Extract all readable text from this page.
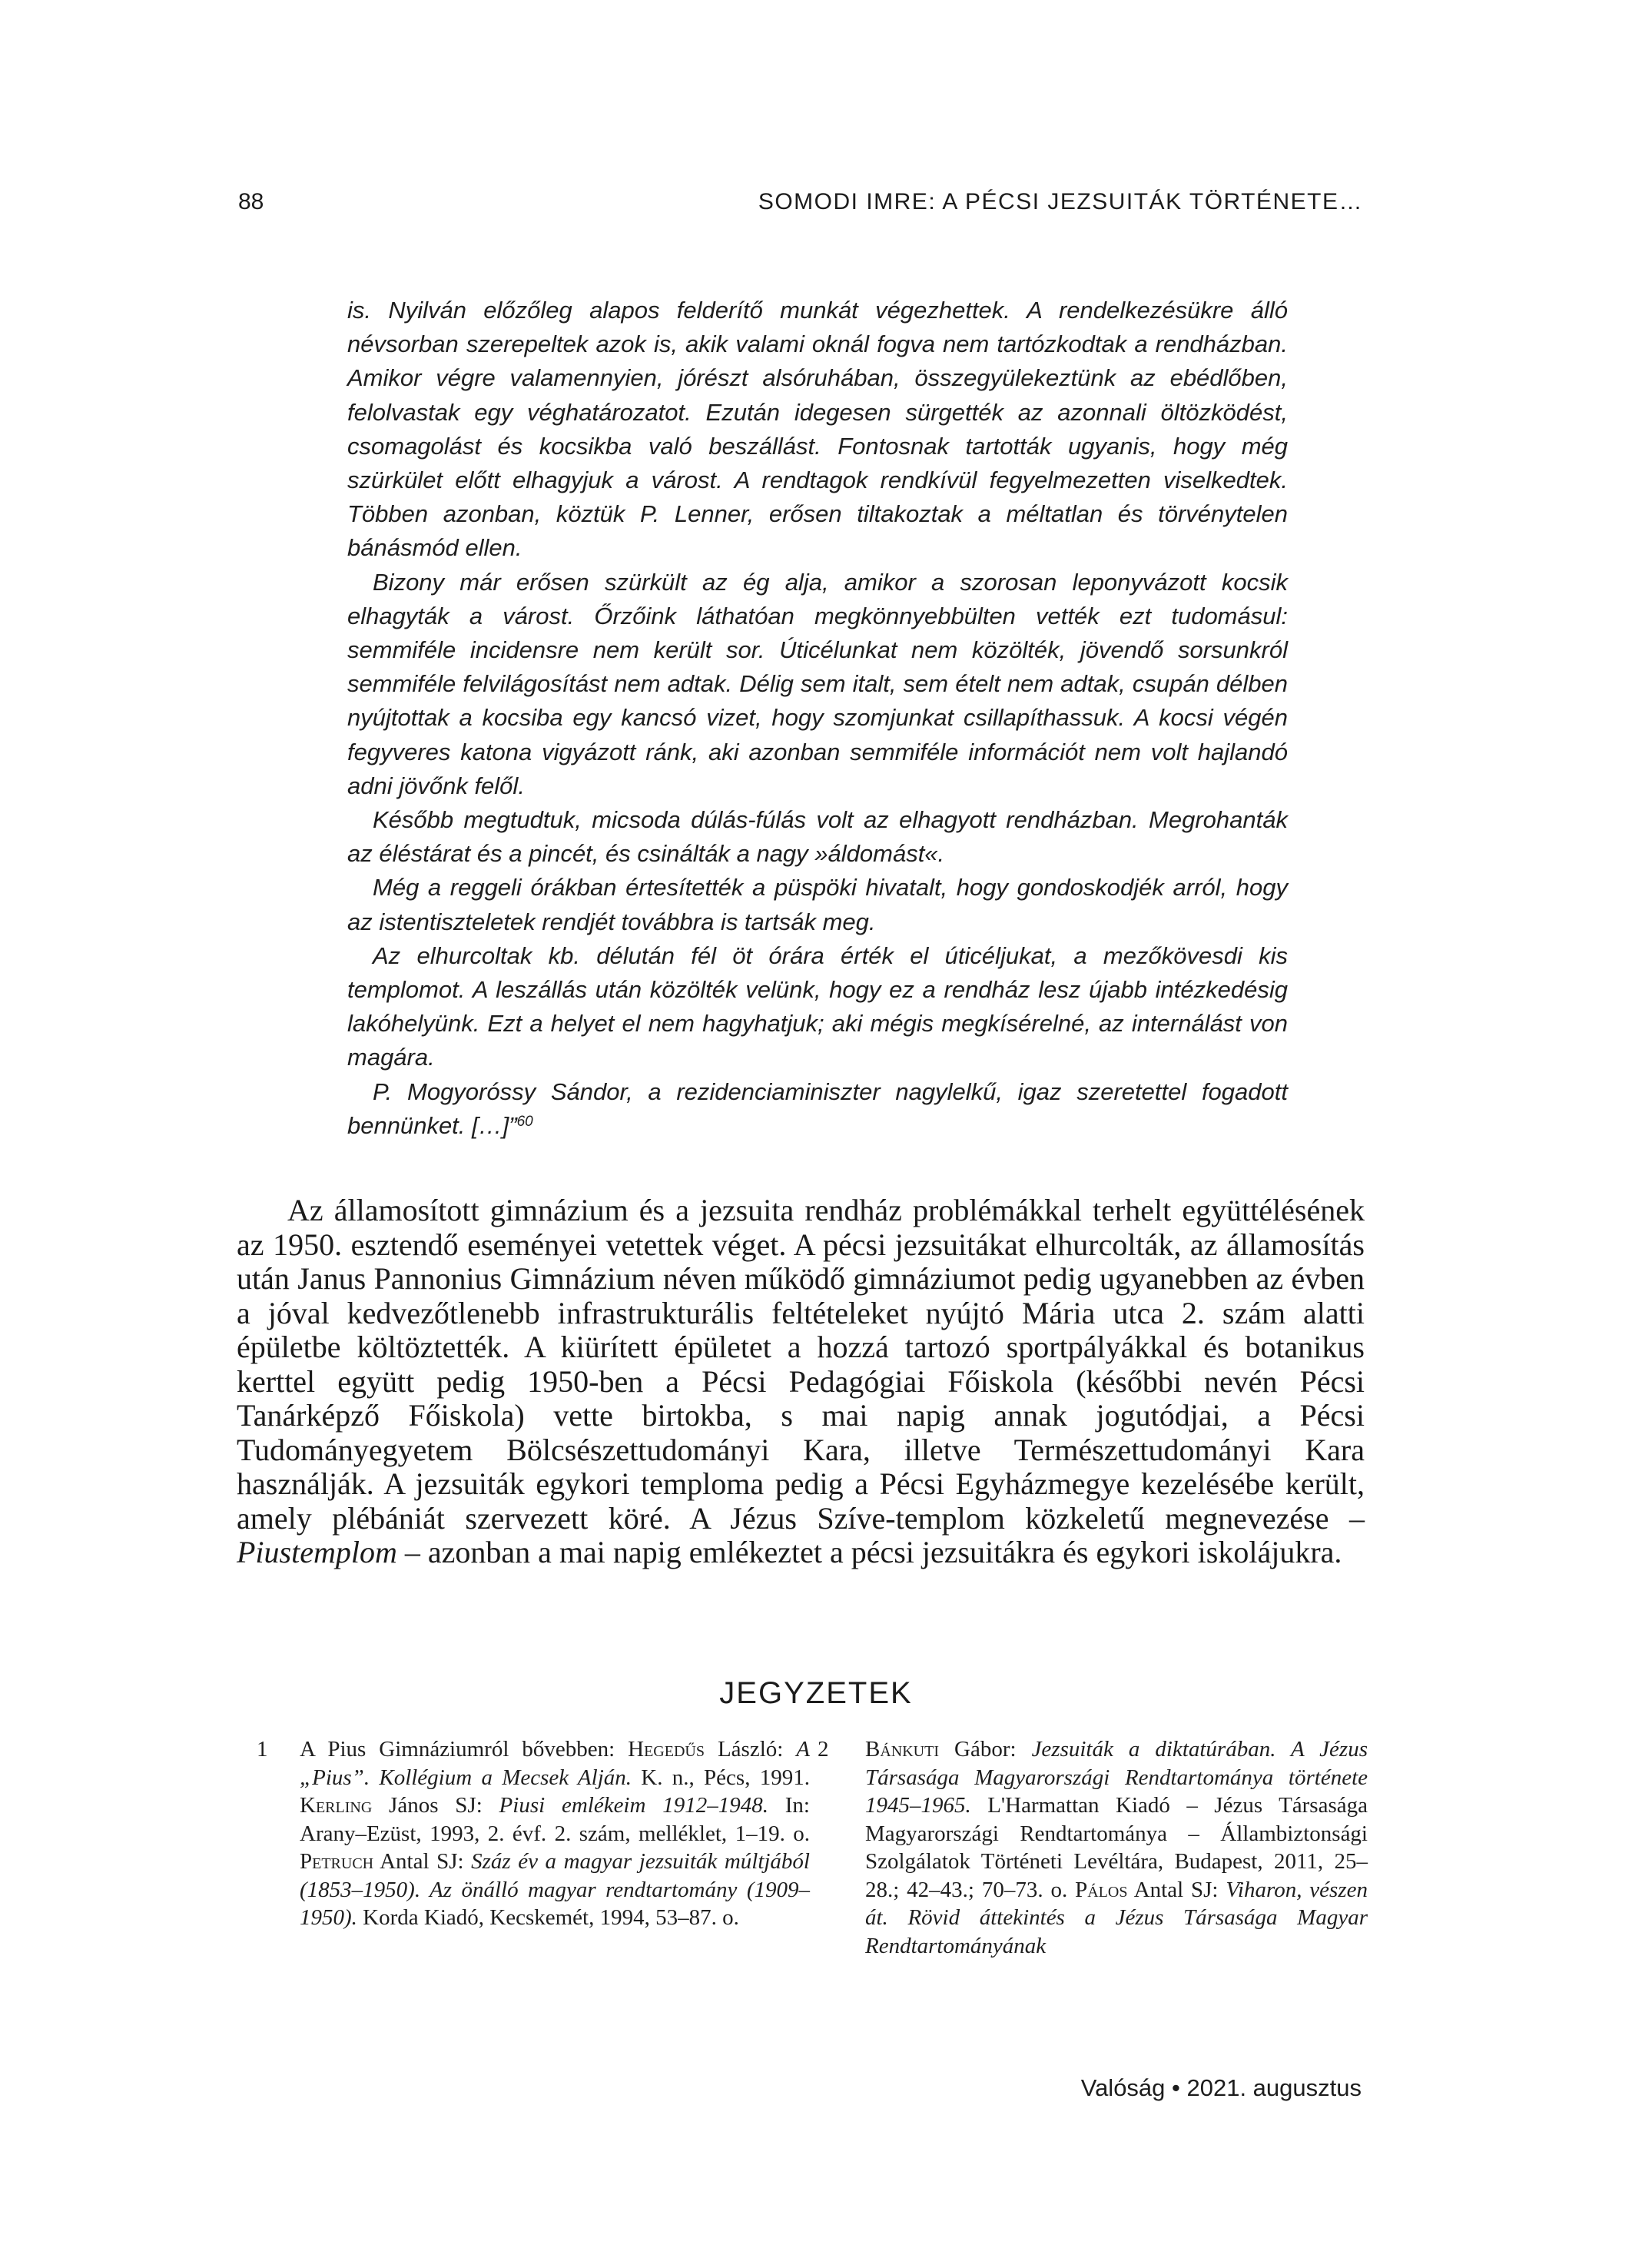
88	SOMODI IMRE: A PÉCSI JEZSUITÁK TÖRTÉNETE…

is. Nyilván előzőleg alapos felderítő munkát végezhettek. A rendelkezésükre álló névsorban szerepeltek azok is, akik valami oknál fogva nem tartózkodtak a rendházban. Amikor végre valamennyien, jórészt alsóruhában, összegyülekeztünk az ebédlőben, felolvastak egy véghatározatot. Ezután idegesen sürgették az azonnali öltözködést, csomagolást és kocsikba való beszállást. Fontosnak tartották ugyanis, hogy még szürkület előtt elhagyjuk a várost. A rendtagok rendkívül fegyelmezetten viselkedtek. Többen azonban, köztük P. Lenner, erősen tiltakoztak a méltatlan és törvénytelen bánásmód ellen.

Bizony már erősen szürkült az ég alja, amikor a szorosan leponyvázott kocsik elhagyták a várost. Őrzőink láthatóan megkönnyebbülten vették ezt tudomásul: semmiféle incidensre nem került sor. Úticélunkat nem közölték, jövendő sorsunkról semmiféle felvilágosítást nem adtak. Délig sem italt, sem ételt nem adtak, csupán délben nyújtottak a kocsiba egy kancsó vizet, hogy szomjunkat csillapíthassuk. A kocsi végén fegyveres katona vigyázott ránk, aki azonban semmiféle információt nem volt hajlandó adni jövőnk felől.

Később megtudtuk, micsoda dúlás-fúlás volt az elhagyott rendházban. Megrohanták az éléstárat és a pincét, és csinálták a nagy »áldomást«.

Még a reggeli órákban értesítették a püspöki hivatalt, hogy gondoskodjék arról, hogy az istentiszteletek rendjét továbbra is tartsák meg.

Az elhurcoltak kb. délután fél öt órára érték el úticéljukat, a mezőkövesdi kis templomot. A leszállás után közölték velünk, hogy ez a rendház lesz újabb intézkedésig lakóhelyünk. Ezt a helyet el nem hagyhatjuk; aki mégis megkísérelné, az internálást von magára.

P. Mogyoróssy Sándor, a rezidenciaminiszter nagylelkű, igaz szeretettel fogadott bennünket. […]”$^{60}$

Az államosított gimnázium és a jezsuita rendház problémákkal terhelt együttélésének az 1950. esztendő eseményei vetettek véget. A pécsi jezsuitákat elhurcolták, az államosítás után Janus Pannonius Gimnázium néven működő gimnáziumot pedig ugyanebben az évben a jóval kedvezőtlenebb infrastrukturális feltételeket nyújtó Mária utca 2. szám alatti épületbe költöztették. A kiürített épületet a hozzá tartozó sportpályákkal és botanikus kerttel együtt pedig 1950-ben a Pécsi Pedagógiai Főiskola (későbbi nevén Pécsi Tanárképző Főiskola) vette birtokba, s mai napig annak jogutódjai, a Pécsi Tudományegyetem Bölcsészettudományi Kara, illetve Természettudományi Kara használják. A jezsuiták egykori temploma pedig a Pécsi Egyházmegye kezelésébe került, amely plébániát szervezett köré. A Jézus Szíve-templom közkeletű megnevezése – Piustemplom – azonban a mai napig emlékeztet a pécsi jezsuitákra és egykori iskolájukra.

JEGYZETEK
1 A Pius Gimnáziumról bővebben: Hegedűs László: A „Pius”. Kollégium a Mecsek Alján. K. n., Pécs, 1991. Kerling János SJ: Piusi emlékeim 1912–1948. In: Arany–Ezüst, 1993, 2. évf. 2. szám, melléklet, 1–19. o. Petruch Antal SJ: Száz év a magyar jezsuiták múltjából (1853–1950). Az önálló magyar rendtartomány (1909–1950). Korda Kiadó, Kecskemét, 1994, 53–87. o.
2 Bánkuti Gábor: Jezsuiták a diktatúrában. A Jézus Társasága Magyarországi Rendtartománya története 1945–1965. L'Harmattan Kiadó – Jézus Társasága Magyarországi Rendtartománya – Állambiztonsági Szolgálatok Történeti Levéltára, Budapest, 2011, 25–28.; 42–43.; 70–73. o. Pálos Antal SJ: Viharon, vészen át. Rövid áttekintés a Jézus Társasága Magyar Rendtartományának
Valóság • 2021. augusztus
